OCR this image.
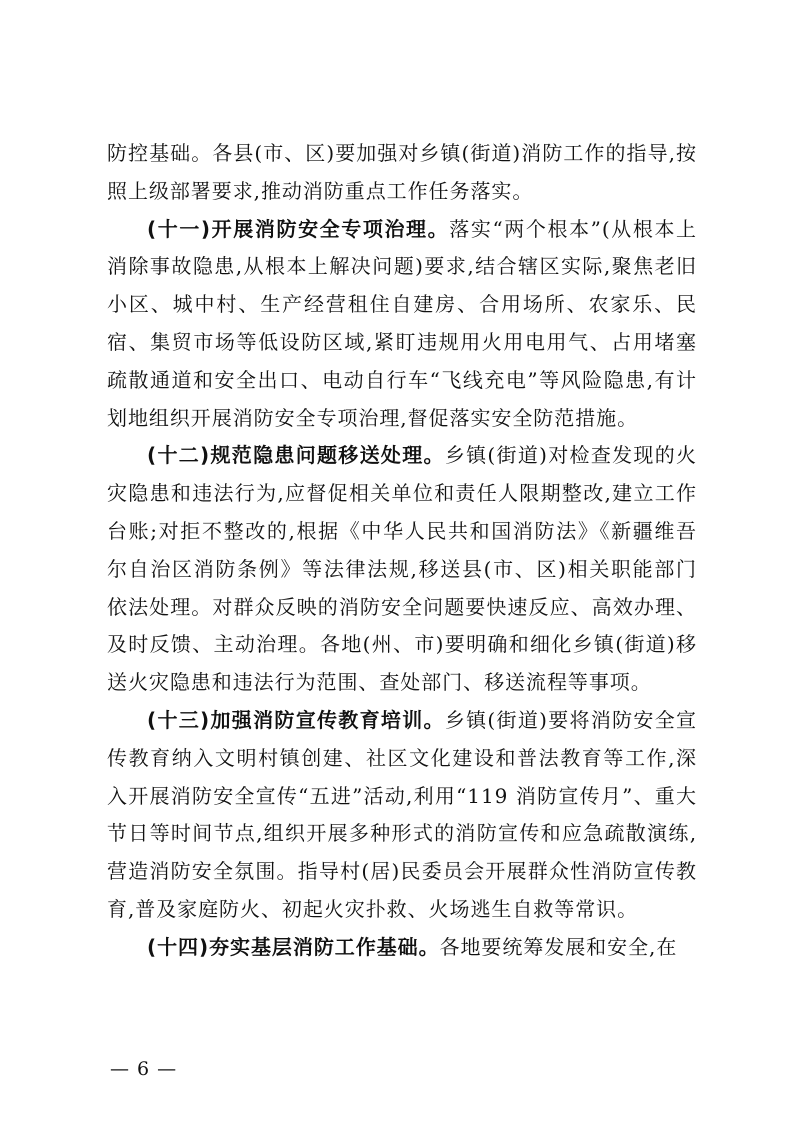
防控基础。各县(市、区)要加强对乡镇(街道)消防工作的指导,按照上级部署要求,推动消防重点工作任务落实。

(十一)开展消防安全专项治理。落实“两个根本”(从根本上消除事故隐患,从根本上解决问题)要求,结合辖区实际,聚焦老旧小区、城中村、生产经营租住自建房、合用场所、农家乐、民宿、集贸市场等低设防区域,紧盯违规用火用电用气、占用堵塞疏散通道和安全出口、电动自行车“飞线充电”等风险隐患,有计划地组织开展消防安全专项治理,督促落实安全防范措施。

(十二)规范隐患问题移送处理。乡镇(街道)对检查发现的火灾隐患和违法行为,应督促相关单位和责任人限期整改,建立工作台账;对拒不整改的,根据《中华人民共和国消防法》《新疆维吾尔自治区消防条例》等法律法规,移送县(市、区)相关职能部门依法处理。对群众反映的消防安全问题要快速反应、高效办理、及时反馈、主动治理。各地(州、市)要明确和细化乡镇(街道)移送火灾隐患和违法行为范围、查处部门、移送流程等事项。

(十三)加强消防宣传教育培训。乡镇(街道)要将消防安全宣传教育纳入文明村镇创建、社区文化建设和普法教育等工作,深入开展消防安全宣传“五进”活动,利用“119 消防宣传月”、重大节日等时间节点,组织开展多种形式的消防宣传和应急疏散演练,营造消防安全氛围。指导村(居)民委员会开展群众性消防宣传教育,普及家庭防火、初起火灾扑救、火场逃生自救等常识。

(十四)夯实基层消防工作基础。各地要统筹发展和安全,在

— 6 —
